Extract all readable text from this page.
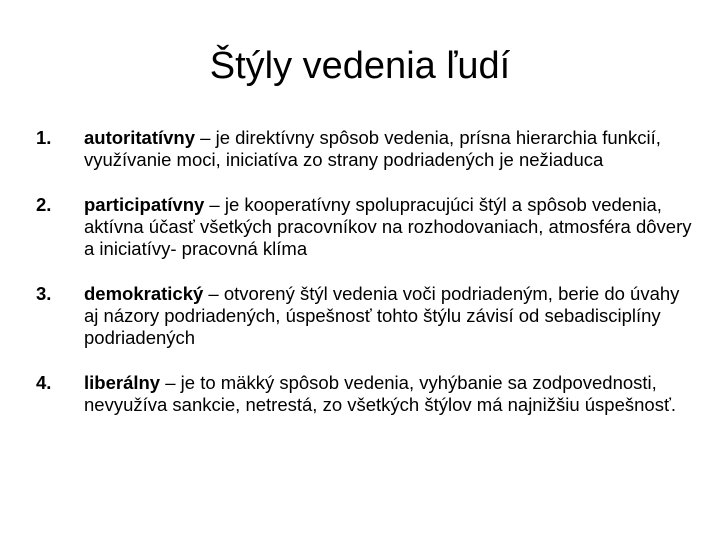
Štýly vedenia ľudí
1.	autoritatívny – je direktívny spôsob vedenia, prísna hierarchia funkcií, využívanie moci, iniciatíva zo strany podriadených je nežiaduca
2.	participatívny – je kooperatívny spolupracujúci štýl a spôsob vedenia, aktívna účasť všetkých pracovníkov na rozhodovaniach, atmosféra dôvery a iniciatívy- pracovná klíma
3.	demokratický – otvorený štýl vedenia voči podriadeným, berie do úvahy aj názory podriadených, úspešnosť tohto štýlu závisí od sebadisciplíny podriadených
4.	liberálny – je to mäkký spôsob vedenia, vyhýbanie sa zodpovednosti, nevyužíva sankcie, netrestá, zo všetkých štýlov má najnižšiu úspešnosť.
